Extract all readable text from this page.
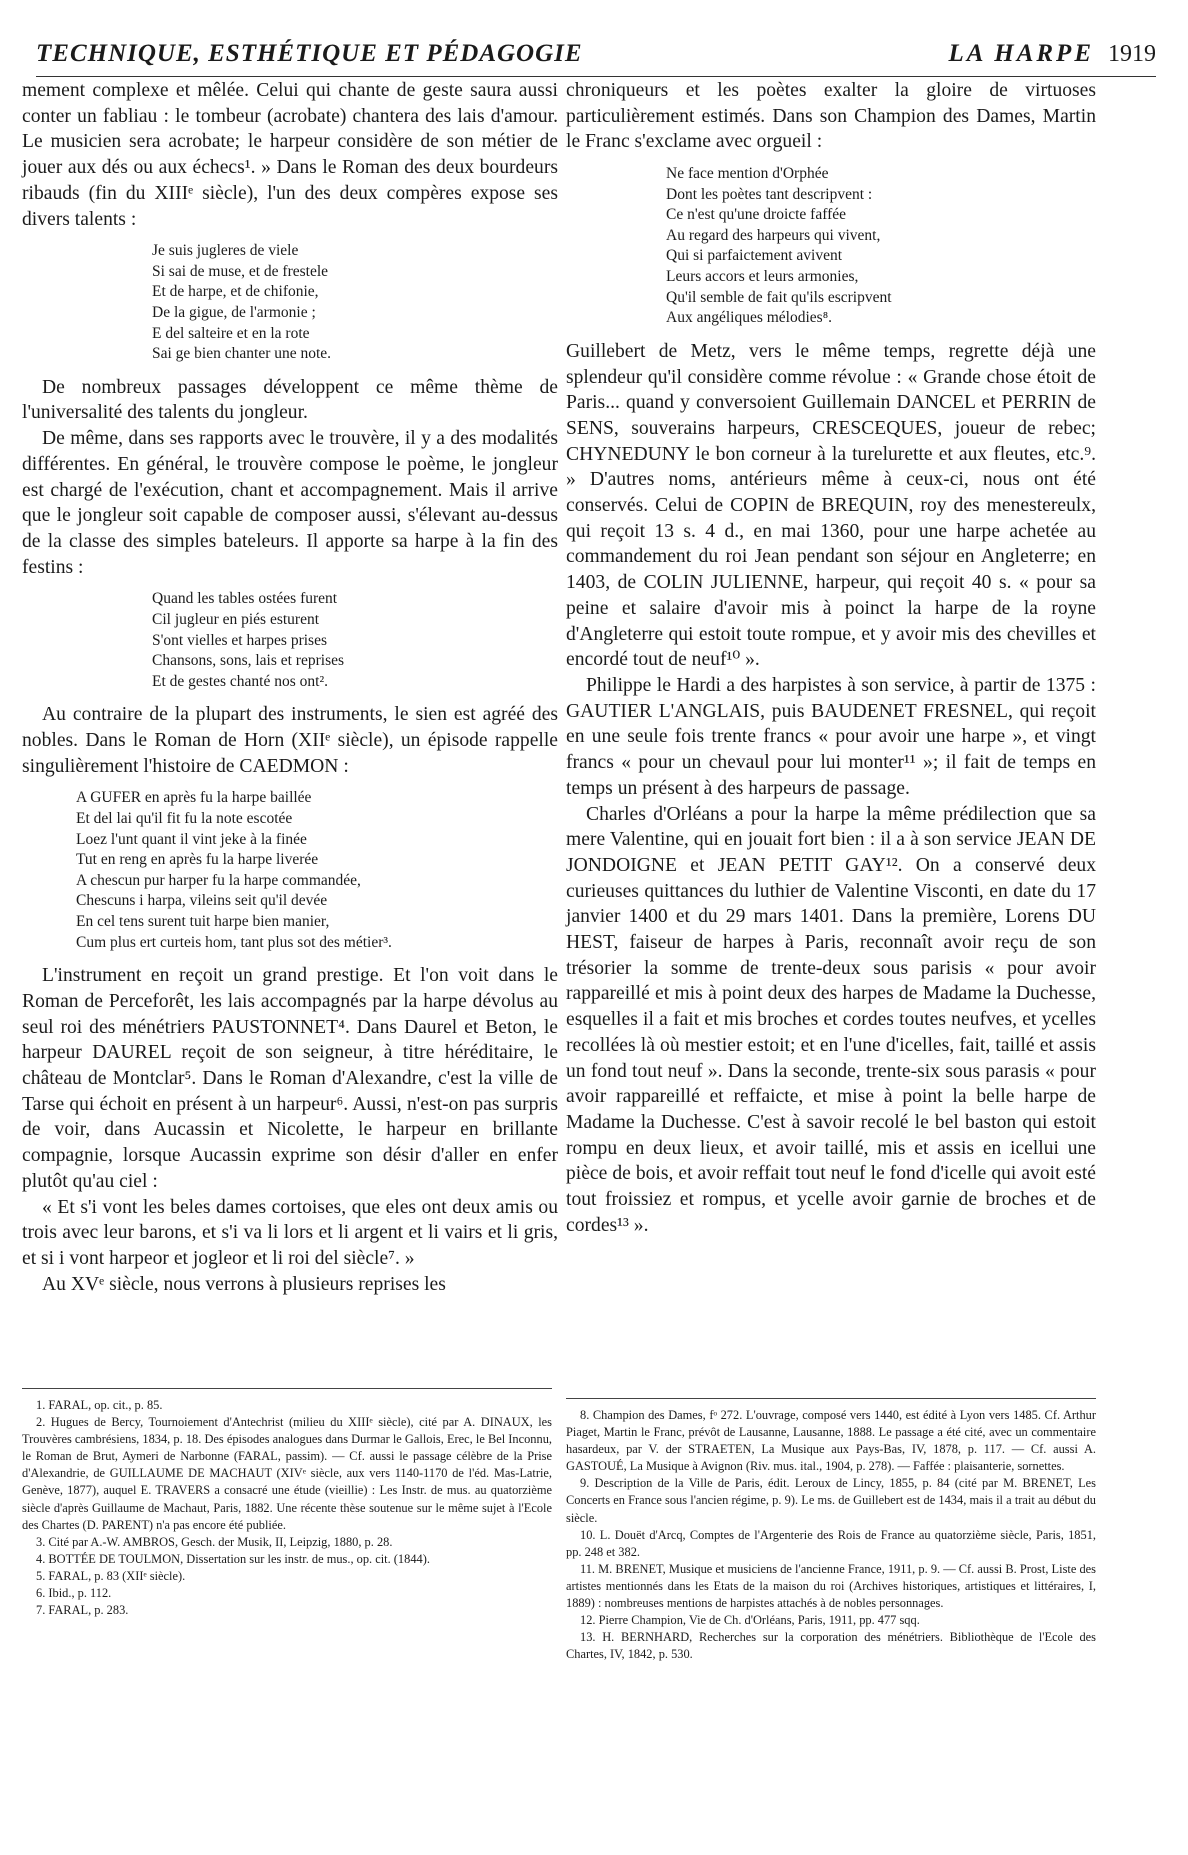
TECHNIQUE, ESTHÉTIQUE ET PÉDAGOGIE	LA HARPE 1919

mement complexe et mêlée. Celui qui chante de geste saura aussi conter un fabliau : le tombeur (acrobate) chantera des lais d'amour. Le musicien sera acrobate; le harpeur considère de son métier de jouer aux dés ou aux échecs¹. » Dans le Roman des deux bourdeurs ribauds (fin du XIIIᵉ siècle), l'un des deux compères expose ses divers talents :

Je suis jugleres de viele
Si sai de muse, et de frestele
Et de harpe, et de chifonie,
De la gigue, de l'armonie ;
E del salteire et en la rote
Sai ge bien chanter une note.

De nombreux passages développent ce même thème de l'universalité des talents du jongleur.

De même, dans ses rapports avec le trouvère, il y a des modalités différentes. En général, le trouvère compose le poème, le jongleur est chargé de l'exécution, chant et accompagnement. Mais il arrive que le jongleur soit capable de composer aussi, s'élevant au-dessus de la classe des simples bateleurs. Il apporte sa harpe à la fin des festins :

Quand les tables ostées furent
Cil jugleur en piés esturent
S'ont vielles et harpes prises
Chansons, sons, lais et reprises
Et de gestes chanté nos ont².

Au contraire de la plupart des instruments, le sien est agréé des nobles. Dans le Roman de Horn (XIIᵉ siècle), un épisode rappelle singulièrement l'histoire de CAEDMON :

A GUFER en après fu la harpe baillée
Et del lai qu'il fit fu la note escotée
Loez l'unt quant il vint jeke à la finée
Tut en reng en après fu la harpe liverée
A chescun pur harper fu la harpe commandée,
Chescuns i harpa, vileins seit qu'il devée
En cel tens surent tuit harpe bien manier,
Cum plus ert curteis hom, tant plus sot des métier³.

L'instrument en reçoit un grand prestige. Et l'on voit dans le Roman de Perceforêt, les lais accompagnés par la harpe dévolus au seul roi des ménétriers PAUSTONNET⁴. Dans Daurel et Beton, le harpeur DAUREL reçoit de son seigneur, à titre héréditaire, le château de Montclar⁵. Dans le Roman d'Alexandre, c'est la ville de Tarse qui échoit en présent à un harpeur⁶. Aussi, n'est-on pas surpris de voir, dans Aucassin et Nicolette, le harpeur en brillante compagnie, lorsque Aucassin exprime son désir d'aller en enfer plutôt qu'au ciel :

« Et s'i vont les beles dames cortoises, que eles ont deux amis ou trois avec leur barons, et s'i va li lors et li argent et li vairs et li gris, et si i vont harpeor et jogleor et li roi del siècle⁷. »

Au XVᵉ siècle, nous verrons à plusieurs reprises les

chroniqueurs et les poètes exalter la gloire de virtuoses particulièrement estimés. Dans son Champion des Dames, Martin le Franc s'exclame avec orgueil :

Ne face mention d'Orphée
Dont les poètes tant descripvent :
Ce n'est qu'une droicte faffée
Au regard des harpeurs qui vivent,
Qui si parfaictement avivent
Leurs accors et leurs armonies,
Qu'il semble de fait qu'ils escripvent
Aux angéliques mélodies⁸.

Guillebert de Metz, vers le même temps, regrette déjà une splendeur qu'il considère comme révolue : « Grande chose étoit de Paris... quand y conversoient Guillemain DANCEL et PERRIN de SENS, souverains harpeurs, CRESCEQUES, joueur de rebec; CHYNEDUNY le bon corneur à la turelurette et aux fleutes, etc.⁹. » D'autres noms, antérieurs même à ceux-ci, nous ont été conservés. Celui de COPIN de BREQUIN, roy des menestereulx, qui reçoit 13 s. 4 d., en mai 1360, pour une harpe achetée au commandement du roi Jean pendant son séjour en Angleterre; en 1403, de COLIN JULIENNE, harpeur, qui reçoit 40 s. « pour sa peine et salaire d'avoir mis à poinct la harpe de la royne d'Angleterre qui estoit toute rompue, et y avoir mis des chevilles et encordé tout de neuf¹⁰ ».

Philippe le Hardi a des harpistes à son service, à partir de 1375 : GAUTIER L'ANGLAIS, puis BAUDENET FRESNEL, qui reçoit en une seule fois trente francs « pour avoir une harpe », et vingt francs « pour un chevaul pour lui monter¹¹ »; il fait de temps en temps un présent à des harpeurs de passage.

Charles d'Orléans a pour la harpe la même prédilection que sa mere Valentine, qui en jouait fort bien : il a à son service JEAN DE JONDOIGNE et JEAN PETIT GAY¹². On a conservé deux curieuses quittances du luthier de Valentine Visconti, en date du 17 janvier 1400 et du 29 mars 1401. Dans la première, Lorens DU HEST, faiseur de harpes à Paris, reconnaît avoir reçu de son trésorier la somme de trente-deux sous parisis « pour avoir rappareillé et mis à point deux des harpes de Madame la Duchesse, esquelles il a fait et mis broches et cordes toutes neufves, et ycelles recollées là où mestier estoit; et en l'une d'icelles, fait, taillé et assis un fond tout neuf ». Dans la seconde, trente-six sous parasis « pour avoir rappareillé et reffaicte, et mise à point la belle harpe de Madame la Duchesse. C'est à savoir recolé le bel baston qui estoit rompu en deux lieux, et avoir taillé, mis et assis en icellui une pièce de bois, et avoir reffait tout neuf le fond d'icelle qui avoit esté tout froissiez et rompus, et ycelle avoir garnie de broches et de cordes¹³ ».

1. FARAL, op. cit., p. 85.

2. Hugues de Bercy, Tournoiement d'Antechrist (milieu du XIIIᵉ siècle), cité par A. DINAUX, les Trouvères cambrésiens, 1834, p. 18. Des épisodes analogues dans Durmar le Gallois, Erec, le Bel Inconnu, le Roman de Brut, Aymeri de Narbonne (FARAL, passim). — Cf. aussi le passage célèbre de la Prise d'Alexandrie, de GUILLAUME DE MACHAUT (XIVᵉ siècle, aux vers 1140-1170 de l'éd. Mas-Latrie, Genève, 1877), auquel E. TRAVERS a consacré une étude (vieillie) : Les Instr. de mus. au quatorzième siècle d'après Guillaume de Machaut, Paris, 1882. Une récente thèse soutenue sur le même sujet à l'Ecole des Chartes (D. PARENT) n'a pas encore été publiée.

3. Cité par A.-W. AMBROS, Gesch. der Musik, II, Leipzig, 1880, p. 28.

4. BOTTÉE DE TOULMON, Dissertation sur les instr. de mus., op. cit. (1844).

5. FARAL, p. 83 (XIIᵉ siècle).

6. Ibid., p. 112.

7. FARAL, p. 283.

8. Champion des Dames, fᵒ 272. L'ouvrage, composé vers 1440, est édité à Lyon vers 1485. Cf. Arthur Piaget, Martin le Franc, prévôt de Lausanne, Lausanne, 1888. Le passage a été cité, avec un commentaire hasardeux, par V. der STRAETEN, La Musique aux Pays-Bas, IV, 1878, p. 117. — Cf. aussi A. GASTOUÉ, La Musique à Avignon (Riv. mus. ital., 1904, p. 278). — Faffée : plaisanterie, sornettes.

9. Description de la Ville de Paris, édit. Leroux de Lincy, 1855, p. 84 (cité par M. BRENET, Les Concerts en France sous l'ancien régime, p. 9). Le ms. de Guillebert est de 1434, mais il a trait au début du siècle.

10. L. Douët d'Arcq, Comptes de l'Argenterie des Rois de France au quatorzième siècle, Paris, 1851, pp. 248 et 382.

11. M. BRENET, Musique et musiciens de l'ancienne France, 1911, p. 9. — Cf. aussi B. Prost, Liste des artistes mentionnés dans les Etats de la maison du roi (Archives historiques, artistiques et littéraires, I, 1889) : nombreuses mentions de harpistes attachés à de nobles personnages.

12. Pierre Champion, Vie de Ch. d'Orléans, Paris, 1911, pp. 477 sqq.

13. H. BERNHARD, Recherches sur la corporation des ménétriers. Bibliothèque de l'Ecole des Chartes, IV, 1842, p. 530.
